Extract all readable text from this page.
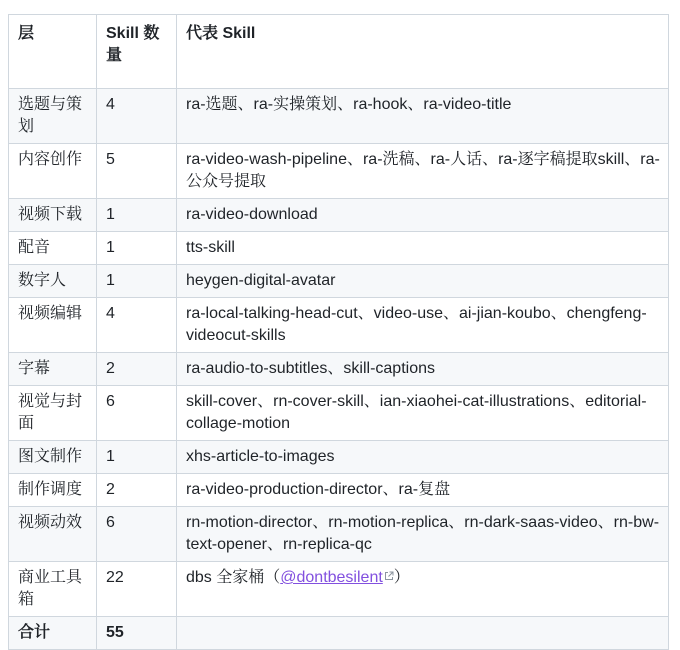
层	Skill 数量	代表 Skill
选题与策划	4	ra-选题、ra-实操策划、ra-hook、ra-video-title
内容创作	5	ra-video-wash-pipeline、ra-洗稿、ra-人话、ra-逐字稿提取skill、ra-公众号提取
视频下载	1	ra-video-download
配音	1	tts-skill
数字人	1	heygen-digital-avatar
视频编辑	4	ra-local-talking-head-cut、video-use、ai-jian-koubo、chengfeng-videocut-skills
字幕	2	ra-audio-to-subtitles、skill-captions
视觉与封面	6	skill-cover、rn-cover-skill、ian-xiaohei-cat-illustrations、editorial-collage-motion
图文制作	1	xhs-article-to-images
制作调度	2	ra-video-production-director、ra-复盘
视频动效	6	rn-motion-director、rn-motion-replica、rn-dark-saas-video、rn-bw-text-opener、rn-replica-qc
商业工具箱	22	dbs 全家桶（@dontbesilent ）
合计	55	
